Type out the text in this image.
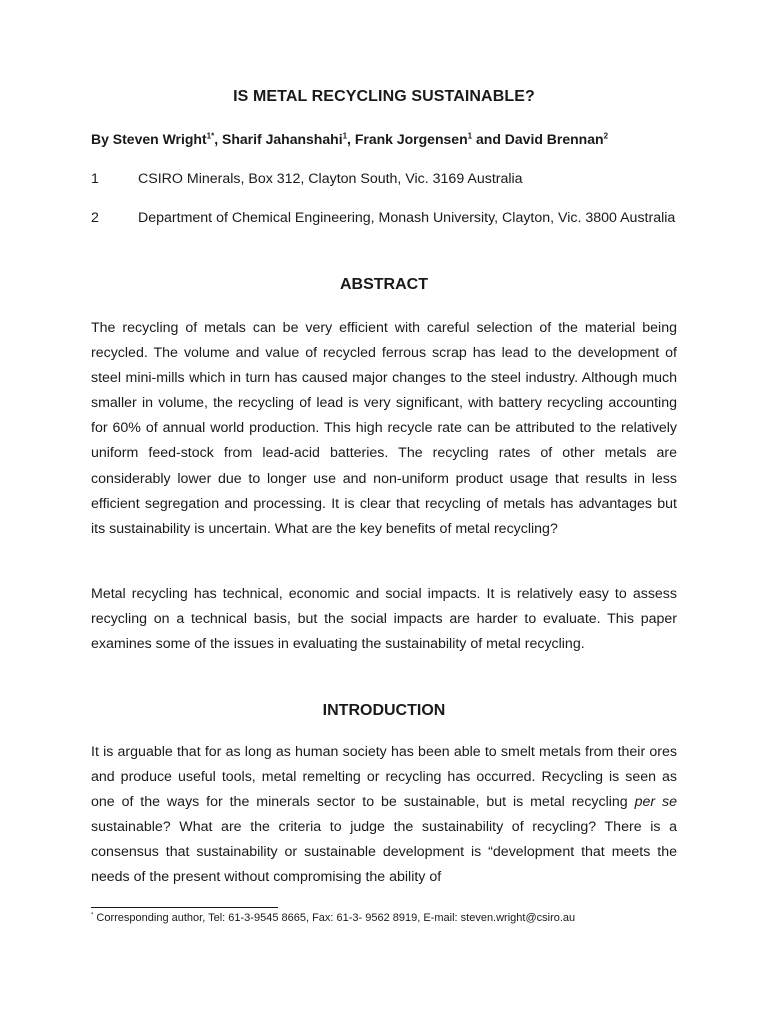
IS METAL RECYCLING SUSTAINABLE?
By Steven Wright$^{1*}$, Sharif Jahanshahi$^1$, Frank Jorgensen$^1$ and David Brennan$^2$
1	CSIRO Minerals, Box 312, Clayton South, Vic. 3169 Australia
2	Department of Chemical Engineering, Monash University, Clayton, Vic. 3800 Australia
ABSTRACT
The recycling of metals can be very efficient with careful selection of the material being recycled. The volume and value of recycled ferrous scrap has lead to the development of steel mini-mills which in turn has caused major changes to the steel industry. Although much smaller in volume, the recycling of lead is very significant, with battery recycling accounting for 60% of annual world production. This high recycle rate can be attributed to the relatively uniform feed-stock from lead-acid batteries. The recycling rates of other metals are considerably lower due to longer use and non-uniform product usage that results in less efficient segregation and processing. It is clear that recycling of metals has advantages but its sustainability is uncertain. What are the key benefits of metal recycling?
Metal recycling has technical, economic and social impacts. It is relatively easy to assess recycling on a technical basis, but the social impacts are harder to evaluate. This paper examines some of the issues in evaluating the sustainability of metal recycling.
INTRODUCTION
It is arguable that for as long as human society has been able to smelt metals from their ores and produce useful tools, metal remelting or recycling has occurred. Recycling is seen as one of the ways for the minerals sector to be sustainable, but is metal recycling per se sustainable? What are the criteria to judge the sustainability of recycling? There is a consensus that sustainability or sustainable development is “development that meets the needs of the present without compromising the ability of
* Corresponding author, Tel: 61-3-9545 8665, Fax: 61-3- 9562 8919, E-mail: steven.wright@csiro.au
